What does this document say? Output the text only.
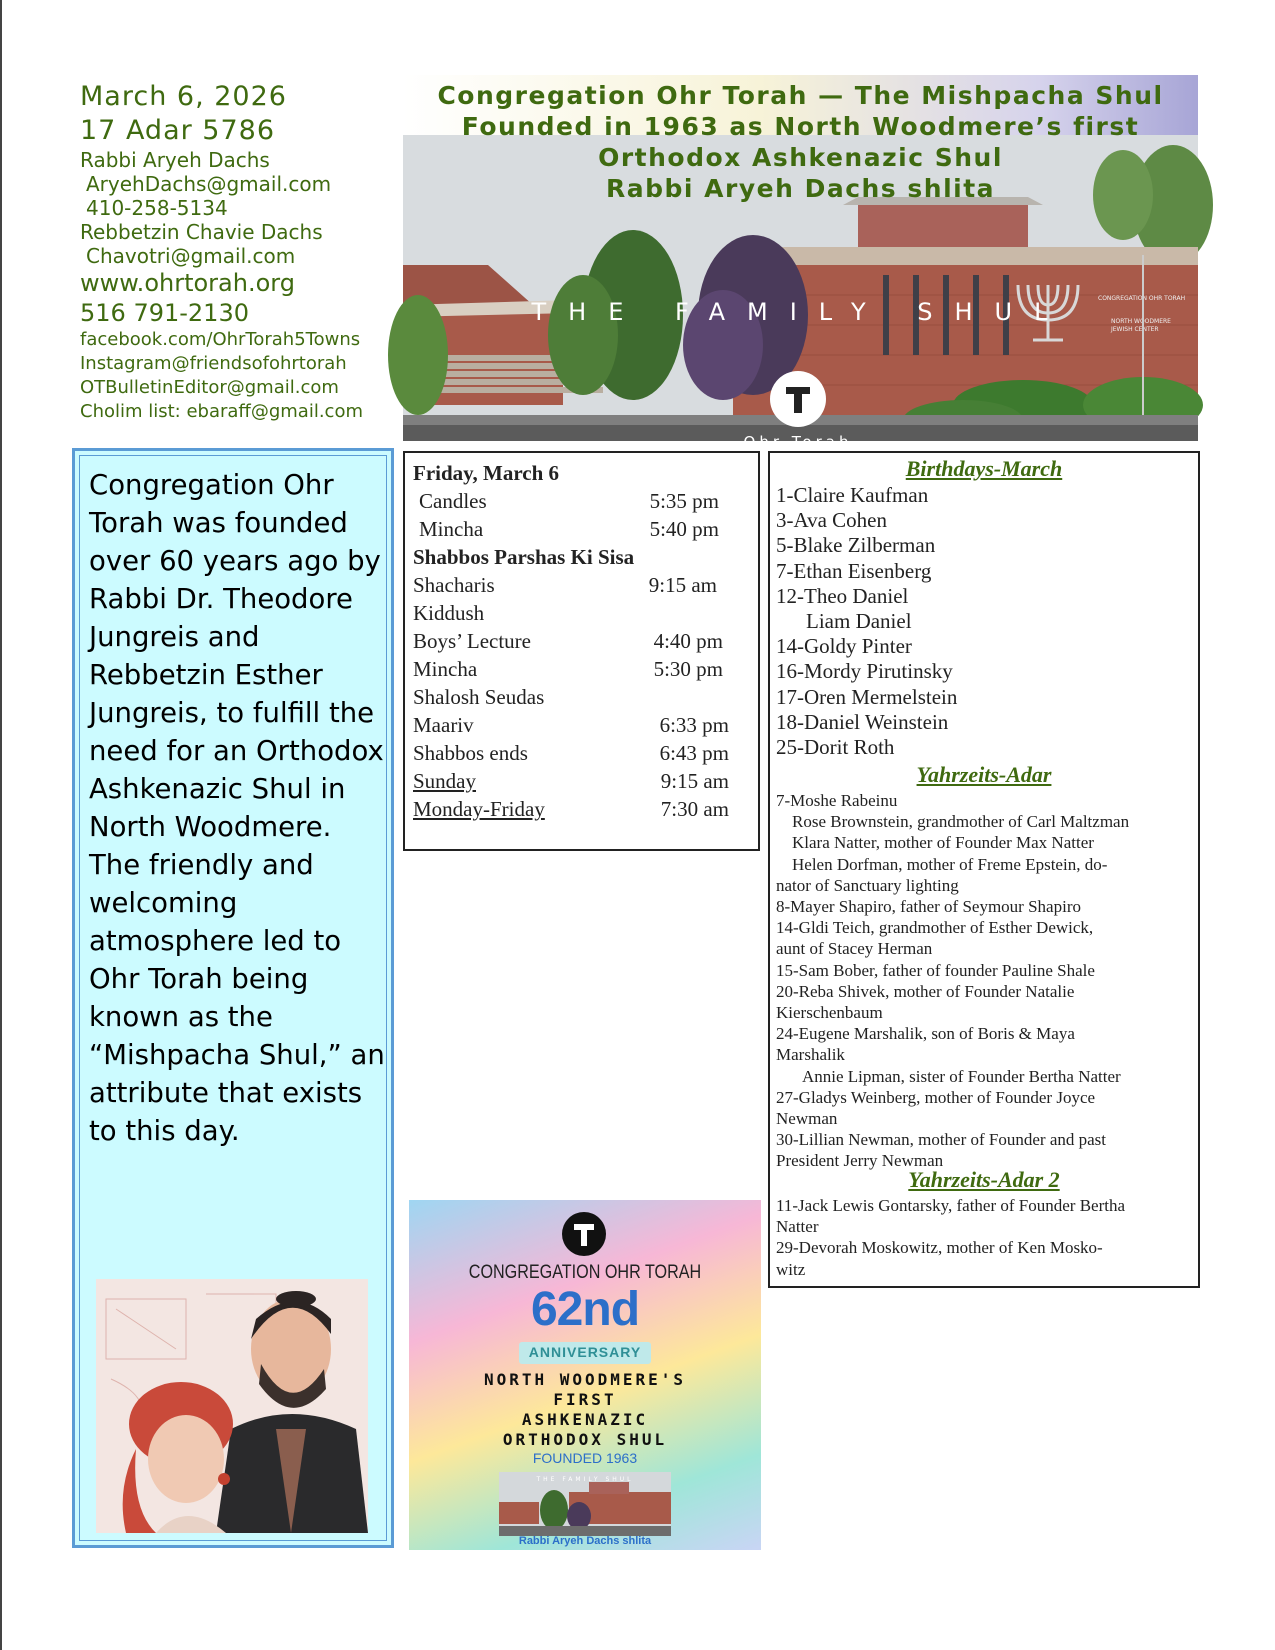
March 6, 2026
17 Adar 5786
Rabbi Aryeh Dachs
AryehDachs@gmail.com
410-258-5134
Rebbetzin Chavie Dachs
Chavotri@gmail.com
www.ohrtorah.org
516 791-2130
facebook.com/OhrTorah5Towns
Instagram@friendsofohrtorah
OTBulletinEditor@gmail.com
Cholim list: ebaraff@gmail.com
CONGREGATION OHR TORAH
NORTH WOODMERE
JEWISH CENTER
THE FAMILY SHUL
Ohr Torah
Congregation Ohr Torah — The Mishpacha Shul
Founded in 1963 as North Woodmere’s first
Orthodox Ashkenazic Shul
Rabbi Aryeh Dachs shlita
Congregation Ohr Torah was founded over 60 years ago by Rabbi Dr. Theodore Jungreis and Rebbetzin Esther Jungreis, to fulfill the need for an Orthodox Ashkenazic Shul in North Woodmere. The friendly and welcoming atmosphere led to Ohr Torah being known as the “Mishpacha Shul,” an attribute that exists to this day.
Friday, March 6
Candles	5:35 pm
Mincha	5:40 pm
Shabbos Parshas Ki Sisa
Shacharis	9:15 am
Kiddush
Boys’ Lecture	4:40 pm
Mincha	5:30 pm
Shalosh Seudas
Maariv	6:33 pm
Shabbos ends	6:43 pm
Sunday	9:15 am
Monday-Friday	7:30 am
Birthdays-March
1-Claire Kaufman
3-Ava Cohen
5-Blake Zilberman
7-Ethan Eisenberg
12-Theo Daniel
Liam Daniel
14-Goldy Pinter
16-Mordy Pirutinsky
17-Oren Mermelstein
18-Daniel Weinstein
25-Dorit Roth
Yahrzeits-Adar
7-Moshe Rabeinu
Rose Brownstein, grandmother of Carl Maltzman
Klara Natter, mother of Founder Max Natter
Helen Dorfman, mother of Freme Epstein, do-
nator of Sanctuary lighting
8-Mayer Shapiro, father of Seymour Shapiro
14-Gldi Teich, grandmother of Esther Dewick,
aunt of Stacey Herman
15-Sam Bober, father of founder Pauline Shale
20-Reba Shivek, mother of Founder Natalie
Kierschenbaum
24-Eugene Marshalik, son of Boris & Maya
Marshalik
Annie Lipman, sister of Founder Bertha Natter
27-Gladys Weinberg, mother of Founder Joyce
Newman
30-Lillian Newman, mother of Founder and past
President Jerry Newman
Yahrzeits-Adar 2
11-Jack Lewis Gontarsky, father of Founder Bertha
Natter
29-Devorah Moskowitz, mother of Ken Mosko-
witz
CONGREGATION OHR TORAH
62nd
ANNIVERSARY
NORTH WOODMERE'S
FIRST
ASHKENAZIC
ORTHODOX SHUL
FOUNDED 1963
THE FAMILY SHUL
Rabbi Aryeh Dachs shlita
